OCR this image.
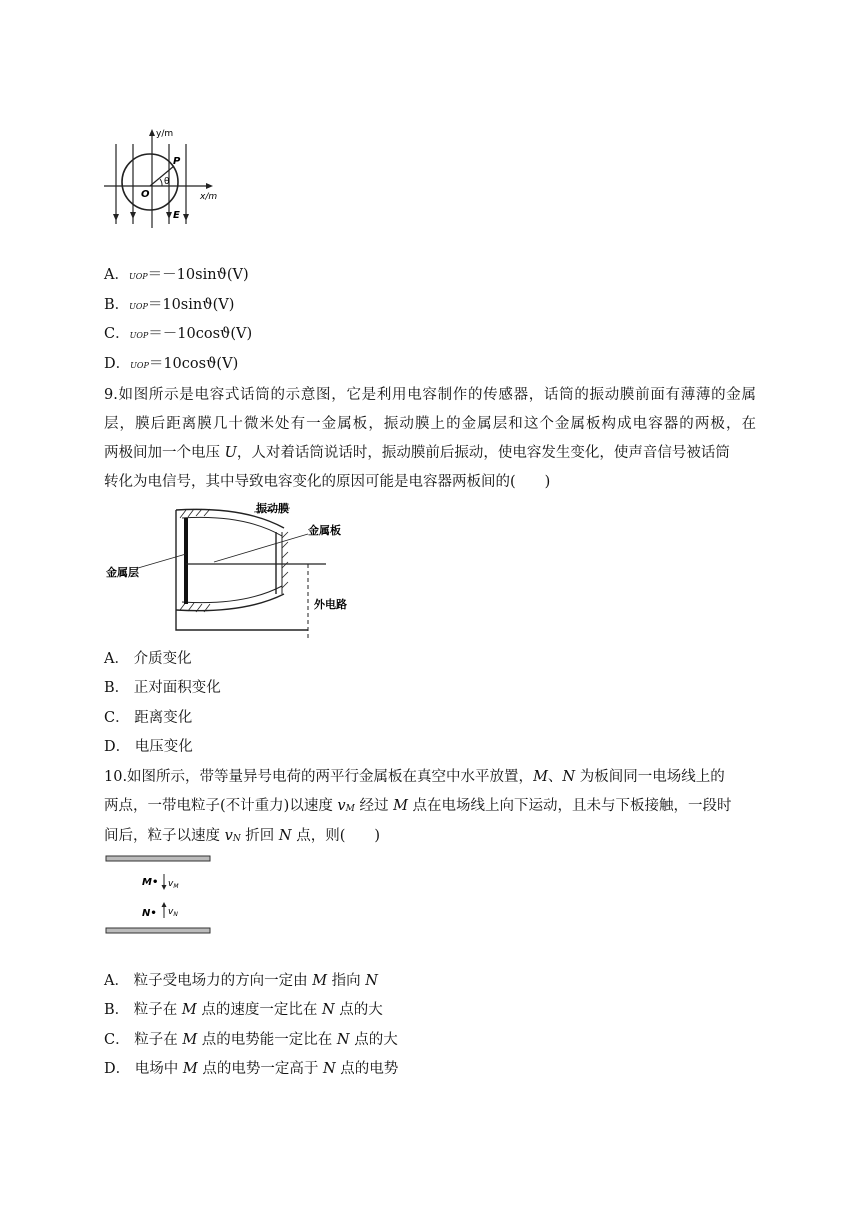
y/m
x/m
P
O
θ
E
A．UOP＝－10sinϑ(V)
B．UOP＝10sinϑ(V)
C．UOP＝－10cosϑ(V)
D．UOP＝10cosϑ(V)
9.如图所示是电容式话筒的示意图，它是利用电容制作的传感器，话筒的振动膜前面有薄薄的金属
层，膜后距离膜几十微米处有一金属板，振动膜上的金属层和这个金属板构成电容器的两极，在
两极间加一个电压 U，人对着话筒说话时，振动膜前后振动，使电容发生变化，使声音信号被话筒
转化为电信号，其中导致电容变化的原因可能是电容器两板间的(　　)
振动膜
金属板
金属层
外电路
A． 介质变化
B． 正对面积变化
C． 距离变化
D． 电压变化
10.如图所示，带等量异号电荷的两平行金属板在真空中水平放置，M、N 为板间同一电场线上的
两点，一带电粒子(不计重力)以速度 $v_M$ 经过 M 点在电场线上向下运动，且未与下板接触，一段时
间后，粒子以速度 $v_N$ 折回 N 点，则(　　)
M•
N•
$v_M$
$v_N$
A． 粒子受电场力的方向一定由 M 指向 N
B． 粒子在 M 点的速度一定比在 N 点的大
C． 粒子在 M 点的电势能一定比在 N 点的大
D． 电场中 M 点的电势一定高于 N 点的电势
